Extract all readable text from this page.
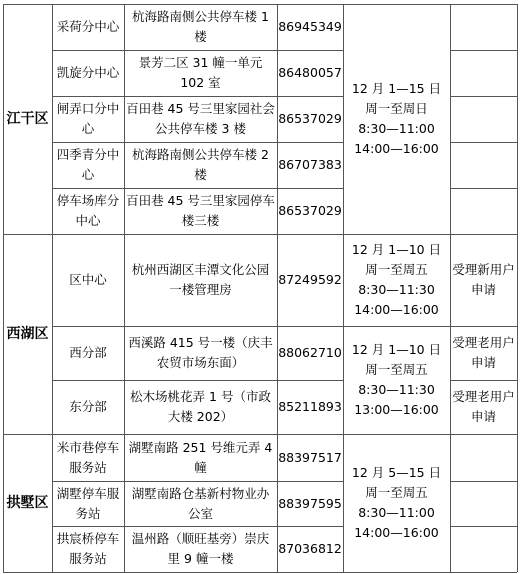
江干区
采荷分中心
杭海路南侧公共停车楼 1 楼
86945349
凯旋分中心
景芳二区 31 幢一单元 102 室
86480057
闸弄口分中心
百田巷 45 号三里家园社会公共停车楼 3 楼
86537029
四季青分中心
杭海路南侧公共停车楼 2 楼
86707383
停车场库分中心
百田巷 45 号三里家园停车楼三楼
86537029
12 月 1—15 日
周一至周日
8:30—11:00
14:00—16:00
西湖区
区中心
杭州西湖区丰潭文化公园一楼管理房
87249592
西分部
西溪路 415 号一楼（庆丰农贸市场东面）
88062710
东分部
松木场桃花弄 1 号（市政大楼 202）
85211893
12 月 1—10 日
周一至周五
8:30—11:30
14:00—16:00
受理新用户申请
12 月 1—10 日
周一至周五
8:30—11:30
13:00—16:00
受理老用户申请
受理老用户申请
拱墅区
米市巷停车服务站
湖墅南路 251 号维元弄 4 幢
88397517
湖墅停车服务站
湖墅南路仓基新村物业办公室
88397595
拱宸桥停车服务站
温州路（顺旺基旁）崇庆里 9 幢一楼
87036812
12 月 5—15 日
周一至周五
8:30—11:00
14:00—16:00
